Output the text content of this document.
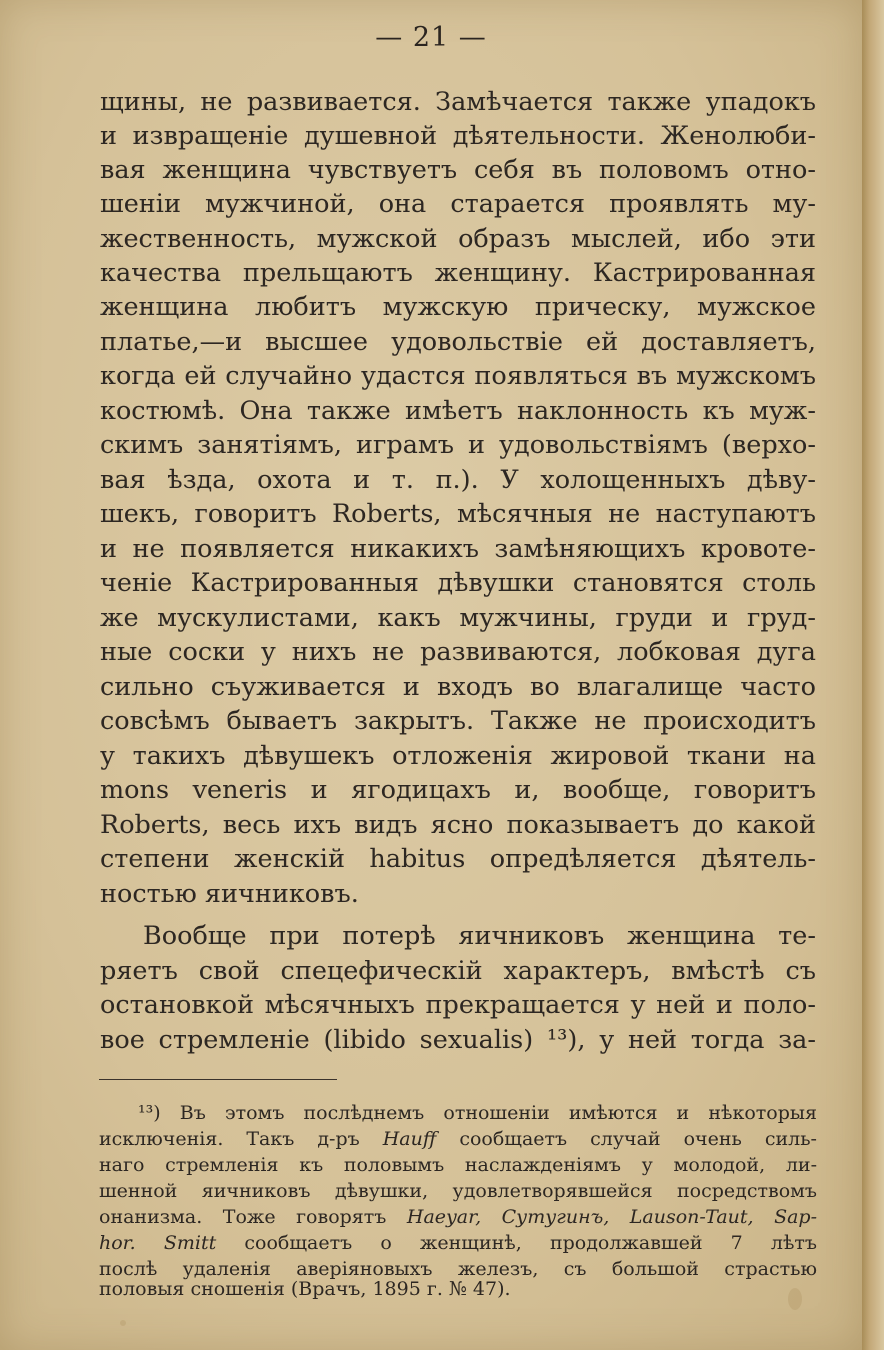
— 21 —
щины, не развивается. Замѣчается также упадокъ
и извращеніе душевной дѣятельности. Женолюби-
вая женщина чувствуетъ себя въ половомъ отно-
шеніи мужчиной, она старается проявлять му-
жественность, мужской образъ мыслей, ибо эти
качества прельщаютъ женщину. Кастрированная
женщина любитъ мужскую прическу, мужское
платье,—и высшее удовольствіе ей доставляетъ,
когда ей случайно удастся появляться въ мужскомъ
костюмѣ. Она также имѣетъ наклонность къ муж-
скимъ занятіямъ, играмъ и удовольствіямъ (верхо-
вая ѣзда, охота и т. п.). У холощенныхъ дѣву-
шекъ, говоритъ Roberts, мѣсячныя не наступаютъ
и не появляется никакихъ замѣняющихъ кровоте-
ченіе Кастрированныя дѣвушки становятся столь
же мускулистами, какъ мужчины, груди и груд-
ные соски у нихъ не развиваются, лобковая дуга
сильно съуживается и входъ во влагалище часто
совсѣмъ бываетъ закрытъ. Также не происходитъ
у такихъ дѣвушекъ отложенія жировой ткани на
mons veneris и ягодицахъ и, вообще, говоритъ
Roberts, весь ихъ видъ ясно показываетъ до какой
степени женскій habitus опредѣляется дѣятель-
ностью яичниковъ.
Вообще при потерѣ яичниковъ женщина те-
ряетъ свой спецефическій характеръ, вмѣстѣ съ
остановкой мѣсячныхъ прекращается у ней и поло-
вое стремленіе (libido sexualis) ¹³), у ней тогда за-
¹³) Въ этомъ послѣднемъ отношеніи имѣются и нѣкоторыя
исключенія. Такъ д-ръ Hauff сообщаетъ случай очень силь-
наго стремленія къ половымъ наслажденіямъ у молодой, ли-
шенной яичниковъ дѣвушки, удовлетворявшейся посредствомъ
онанизма. Тоже говорятъ Haeyar, Сутугинъ, Lauson-Taut, Sap-
hor. Smitt сообщаетъ о женщинѣ, продолжавшей 7 лѣтъ
послѣ удаленія аверіяновыхъ железъ, съ большой страстью
половыя сношенія (Врачъ, 1895 г. № 47).
